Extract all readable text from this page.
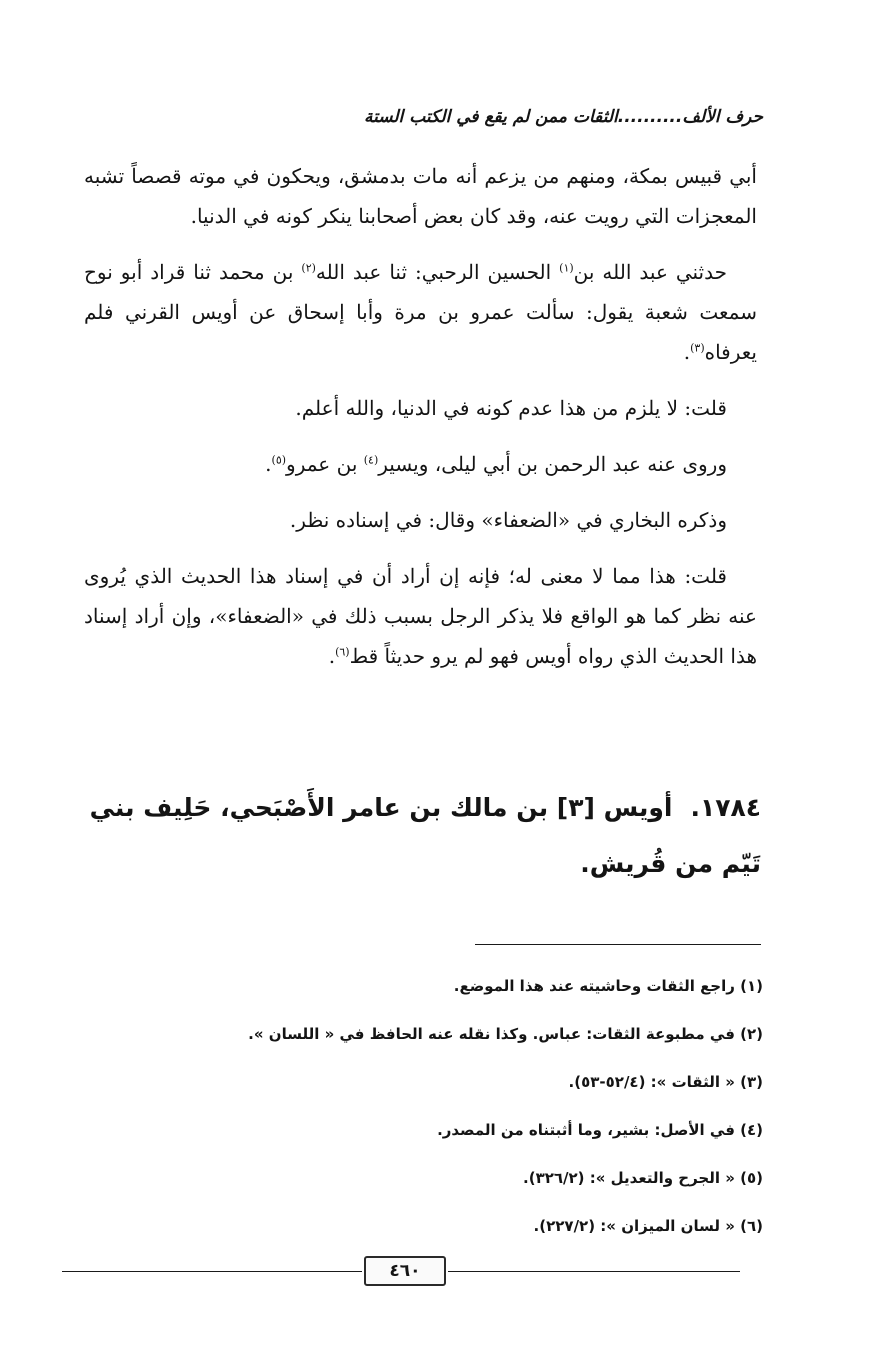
حرف الألف..........الثقات ممن لم يقع في الكتب الستة

أبي قبيس بمكة، ومنهم من يزعم أنه مات بدمشق، ويحكون في موته قصصاً تشبه المعجزات التي رويت عنه، وقد كان بعض أصحابنا ينكر كونه في الدنيا.

حدثني عبد الله بن$^{(١)}$ الحسين الرحبي: ثنا عبد الله$^{(٢)}$ بن محمد ثنا قراد أبو نوح سمعت شعبة يقول: سألت عمرو بن مرة وأبا إسحاق عن أويس القرني فلم يعرفاه$^{(٣)}$.

قلت: لا يلزم من هذا عدم كونه في الدنيا، والله أعلم.

وروى عنه عبد الرحمن بن أبي ليلى، ويسير$^{(٤)}$ بن عمرو$^{(٥)}$.

وذكره البخاري في «الضعفاء» وقال: في إسناده نظر.

قلت: هذا مما لا معنى له؛ فإنه إن أراد أن في إسناد هذا الحديث الذي يُروى عنه نظر كما هو الواقع فلا يذكر الرجل بسبب ذلك في «الضعفاء»، وإن أراد إسناد هذا الحديث الذي رواه أويس فهو لم يرو حديثاً قط$^{(٦)}$.

١٧٨٤.أويس [٣] بن مالك بن عامر الأَصْبَحي، حَلِيف بني تَيّم من قُريش.
(١) راجع الثقات وحاشيته عند هذا الموضع.
(٢) في مطبوعة الثقات: عباس. وكذا نقله عنه الحافظ في « اللسان ».
(٣) « الثقات »: (٥٢/٤-٥٣).
(٤) في الأصل: بشير، وما أثبتناه من المصدر.
(٥) « الجرح والتعديل »: (٣٢٦/٢).
(٦) « لسان الميزان »: (٢٢٧/٢).
٤٦٠
